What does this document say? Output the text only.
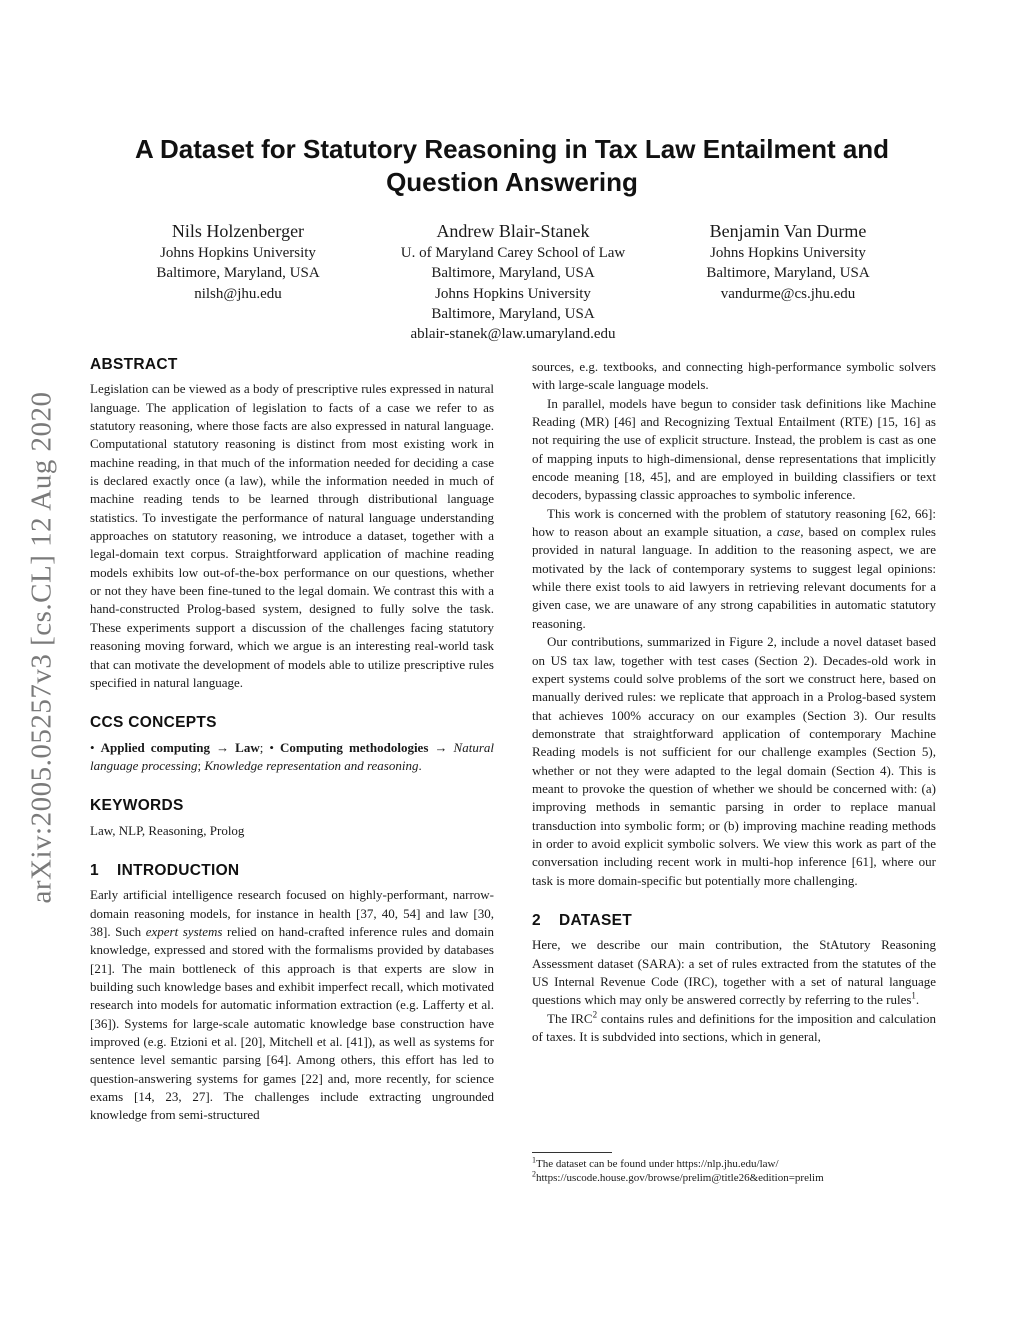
arXiv:2005.05257v3 [cs.CL] 12 Aug 2020
A Dataset for Statutory Reasoning in Tax Law Entailment and Question Answering
Nils Holzenberger
Johns Hopkins University
Baltimore, Maryland, USA
nilsh@jhu.edu
Andrew Blair-Stanek
U. of Maryland Carey School of Law
Baltimore, Maryland, USA
Johns Hopkins University
Baltimore, Maryland, USA
ablair-stanek@law.umaryland.edu
Benjamin Van Durme
Johns Hopkins University
Baltimore, Maryland, USA
vandurme@cs.jhu.edu
ABSTRACT

Legislation can be viewed as a body of prescriptive rules expressed in natural language. The application of legislation to facts of a case we refer to as statutory reasoning, where those facts are also expressed in natural language. Computational statutory reasoning is distinct from most existing work in machine reading, in that much of the information needed for deciding a case is declared exactly once (a law), while the information needed in much of machine reading tends to be learned through distributional language statistics. To investigate the performance of natural language understanding approaches on statutory reasoning, we introduce a dataset, together with a legal-domain text corpus. Straightforward application of machine reading models exhibits low out-of-the-box performance on our questions, whether or not they have been fine-tuned to the legal domain. We contrast this with a hand-constructed Prolog-based system, designed to fully solve the task. These experiments support a discussion of the challenges facing statutory reasoning moving forward, which we argue is an interesting real-world task that can motivate the development of models able to utilize prescriptive rules specified in natural language.

CCS CONCEPTS

• Applied computing → Law; • Computing methodologies → Natural language processing; Knowledge representation and reasoning.

KEYWORDS

Law, NLP, Reasoning, Prolog

1 INTRODUCTION

Early artificial intelligence research focused on highly-performant, narrow-domain reasoning models, for instance in health [37, 40, 54] and law [30, 38]. Such expert systems relied on hand-crafted inference rules and domain knowledge, expressed and stored with the formalisms provided by databases [21]. The main bottleneck of this approach is that experts are slow in building such knowledge bases and exhibit imperfect recall, which motivated research into models for automatic information extraction (e.g. Lafferty et al. [36]). Systems for large-scale automatic knowledge base construction have improved (e.g. Etzioni et al. [20], Mitchell et al. [41]), as well as systems for sentence level semantic parsing [64]. Among others, this effort has led to question-answering systems for games [22] and, more recently, for science exams [14, 23, 27]. The challenges include extracting ungrounded knowledge from semi-structured

sources, e.g. textbooks, and connecting high-performance symbolic solvers with large-scale language models.

In parallel, models have begun to consider task definitions like Machine Reading (MR) [46] and Recognizing Textual Entailment (RTE) [15, 16] as not requiring the use of explicit structure. Instead, the problem is cast as one of mapping inputs to high-dimensional, dense representations that implicitly encode meaning [18, 45], and are employed in building classifiers or text decoders, bypassing classic approaches to symbolic inference.

This work is concerned with the problem of statutory reasoning [62, 66]: how to reason about an example situation, a case, based on complex rules provided in natural language. In addition to the reasoning aspect, we are motivated by the lack of contemporary systems to suggest legal opinions: while there exist tools to aid lawyers in retrieving relevant documents for a given case, we are unaware of any strong capabilities in automatic statutory reasoning.

Our contributions, summarized in Figure 2, include a novel dataset based on US tax law, together with test cases (Section 2). Decades-old work in expert systems could solve problems of the sort we construct here, based on manually derived rules: we replicate that approach in a Prolog-based system that achieves 100% accuracy on our examples (Section 3). Our results demonstrate that straightforward application of contemporary Machine Reading models is not sufficient for our challenge examples (Section 5), whether or not they were adapted to the legal domain (Section 4). This is meant to provoke the question of whether we should be concerned with: (a) improving methods in semantic parsing in order to replace manual transduction into symbolic form; or (b) improving machine reading methods in order to avoid explicit symbolic solvers. We view this work as part of the conversation including recent work in multi-hop inference [61], where our task is more domain-specific but potentially more challenging.

2 DATASET

Here, we describe our main contribution, the StAtutory Reasoning Assessment dataset (SARA): a set of rules extracted from the statutes of the US Internal Revenue Code (IRC), together with a set of natural language questions which may only be answered correctly by referring to the rules$^1$.

The IRC$^2$ contains rules and definitions for the imposition and calculation of taxes. It is subdvided into sections, which in general,

$^1$The dataset can be found under https://nlp.jhu.edu/law/
$^2$https://uscode.house.gov/browse/prelim@title26&edition=prelim
